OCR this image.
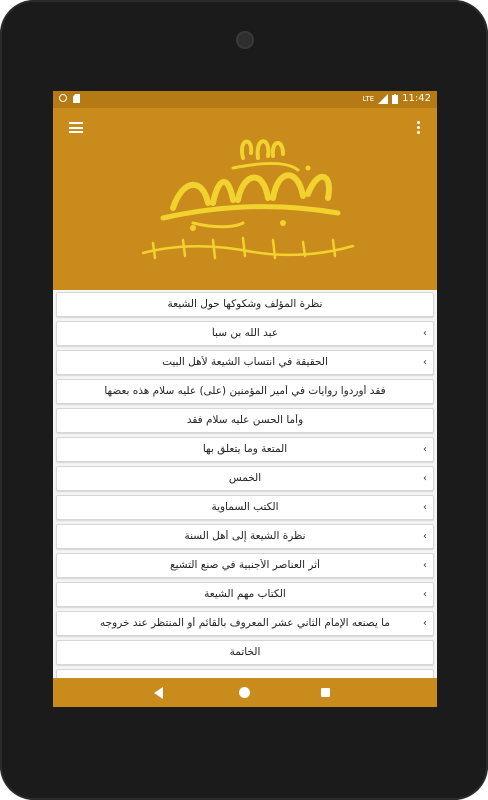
LTE	11:42
نظرة المؤلف وشكوكها حول الشيعة
عبد الله بن سبأ	‹
الحقيقة في انتساب الشيعة لأهل البيت	‹
فقد أوردوا روايات في أمير المؤمنين (على) عليه سلام هذه بعضها
وأما الحسن عليه سلام فقد
المتعة وما يتعلق بها	‹
الخمس	‹
الكتب السماوية	‹
نظرة الشيعة إلى أهل السنة	‹
أثر العناصر الأجنبية في صنع التشيع	‹
الكتاب مهم الشيعة	‹
ما يصنعه الإمام الثاني عشر المعروف بالقائم أو المنتظر عند خروجه	‹
الخاتمة
